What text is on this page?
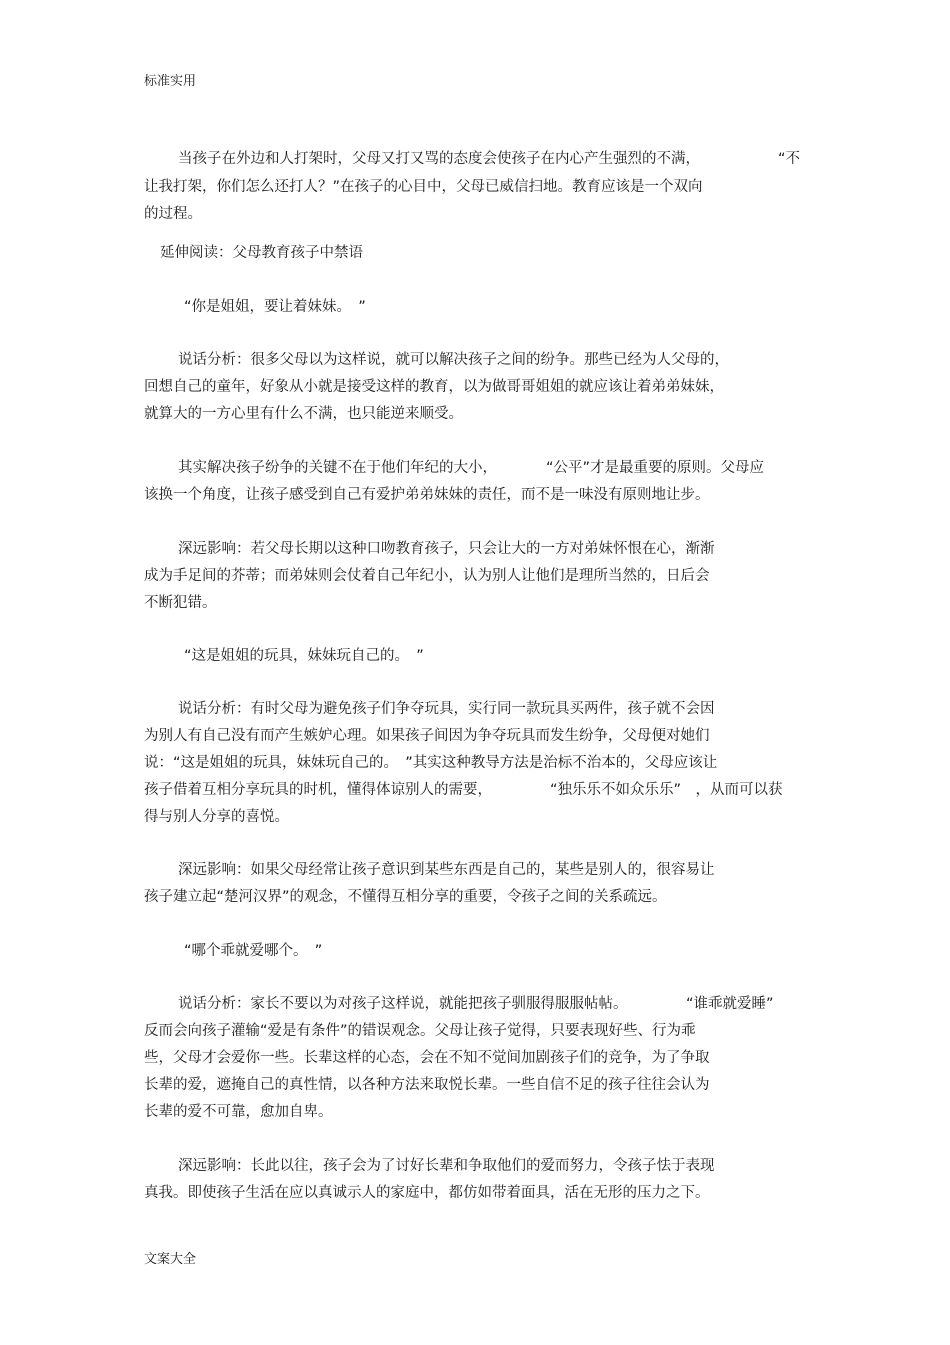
标准实用
当孩子在外边和人打架时，父母又打又骂的态度会使孩子在内心产生强烈的不满，	“不
让我打架，你们怎么还打人？”在孩子的心目中，父母已威信扫地。教育应该是一个双向
的过程。
延伸阅读：父母教育孩子中禁语
“你是姐姐，要让着妹妹。　”
说话分析：很多父母以为这样说，就可以解决孩子之间的纷争。那些已经为人父母的，
回想自己的童年，好象从小就是接受这样的教育，以为做哥哥姐姐的就应该让着弟弟妹妹，
就算大的一方心里有什么不满，也只能逆来顺受。
其实解决孩子纷争的关键不在于他们年纪的大小，	“公平”才是最重要的原则。父母应
该换一个角度，让孩子感受到自己有爱护弟弟妹妹的责任，而不是一味没有原则地让步。
深远影响：若父母长期以这种口吻教育孩子，只会让大的一方对弟妹怀恨在心，渐渐
成为手足间的芥蒂；而弟妹则会仗着自己年纪小，认为别人让他们是理所当然的，日后会
不断犯错。
“这是姐姐的玩具，妹妹玩自己的。　”
说话分析：有时父母为避免孩子们争夺玩具，实行同一款玩具买两件，孩子就不会因
为别人有自己没有而产生嫉妒心理。如果孩子间因为争夺玩具而发生纷争，父母便对她们
说：“这是姐姐的玩具，妹妹玩自己的。　”其实这种教导方法是治标不治本的，父母应该让
孩子借着互相分享玩具的时机，懂得体谅别人的需要，	“独乐乐不如众乐乐”　，从而可以获
得与别人分享的喜悦。
深远影响：如果父母经常让孩子意识到某些东西是自己的，某些是别人的，很容易让
孩子建立起“楚河汉界”的观念，不懂得互相分享的重要，令孩子之间的关系疏远。
“哪个乖就爱哪个。　”
说话分析：家长不要以为对孩子这样说，就能把孩子驯服得服服帖帖。	“谁乖就爱睡”
反而会向孩子灌输“爱是有条件”的错误观念。父母让孩子觉得，只要表现好些、行为乖
些，父母才会爱你一些。长辈这样的心态，会在不知不觉间加剧孩子们的竞争，为了争取
长辈的爱，遮掩自己的真性情，以各种方法来取悦长辈。一些自信不足的孩子往往会认为
长辈的爱不可靠，愈加自卑。
深远影响：长此以往，孩子会为了讨好长辈和争取他们的爱而努力，令孩子怯于表现
真我。即使孩子生活在应以真诚示人的家庭中，都仿如带着面具，活在无形的压力之下。
文案大全
